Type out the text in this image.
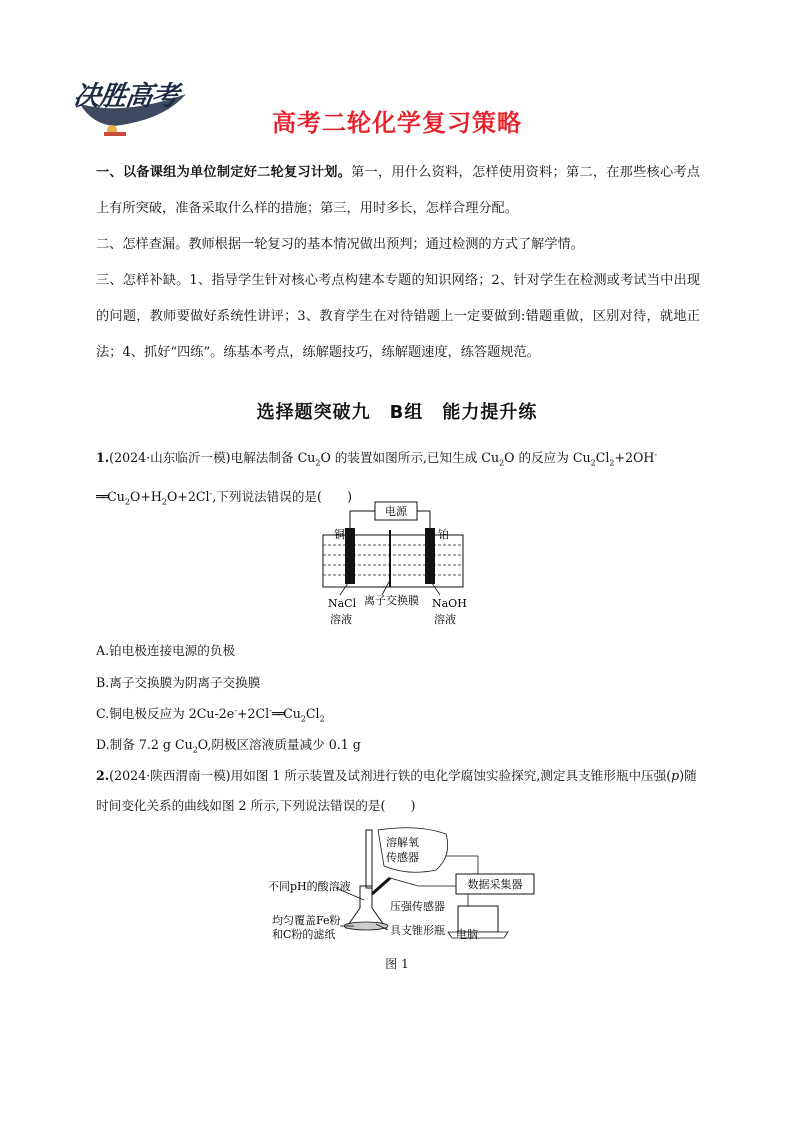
决胜高考
高考二轮化学复习策略
一、以备课组为单位制定好二轮复习计划。第一，用什么资料，怎样使用资料；第二，在那些核心考点上有所突破，准备采取什么样的措施；第三，用时多长，怎样合理分配。
二、怎样查漏。教师根据一轮复习的基本情况做出预判；通过检测的方式了解学情。
三、怎样补缺。1、指导学生针对核心考点构建本专题的知识网络；2、针对学生在检测或考试当中出现的问题，教师要做好系统性讲评；3、教育学生在对待错题上一定要做到:错题重做，区别对待，就地正法；4、抓好“四练”。练基本考点，练解题技巧，练解题速度，练答题规范。
选择题突破九　B组　能力提升练
1.(2024·山东临沂一模)电解法制备 $Cu_2O$ 的装置如图所示,已知生成 $Cu_2O$ 的反应为 $Cu_2Cl_2+2OH^-$
$══Cu_2O+H_2O+2Cl^-$,下列说法错误的是(　　)
电源
铜	铂
NaCl
溶液
离子交换膜 NaOH
溶液
A.铂电极连接电源的负极
B.离子交换膜为阴离子交换膜
C.铜电极反应为 $2Cu-2e^-+2Cl^-══Cu_2Cl_2$
D.制备 7.2 g $Cu_2O$,阴极区溶液质量减少 0.1 g
2.(2024·陕西渭南一模)用如图 1 所示装置及试剂进行铁的电化学腐蚀实验探究,测定具支锥形瓶中压强(p)随时间变化关系的曲线如图 2 所示,下列说法错误的是(　　)
溶解氧
传感器
数据采集器
电脑
不同pH的酸溶液
压强传感器
均匀覆盖Fe粉
和C粉的滤纸	具支锥形瓶
图 1
